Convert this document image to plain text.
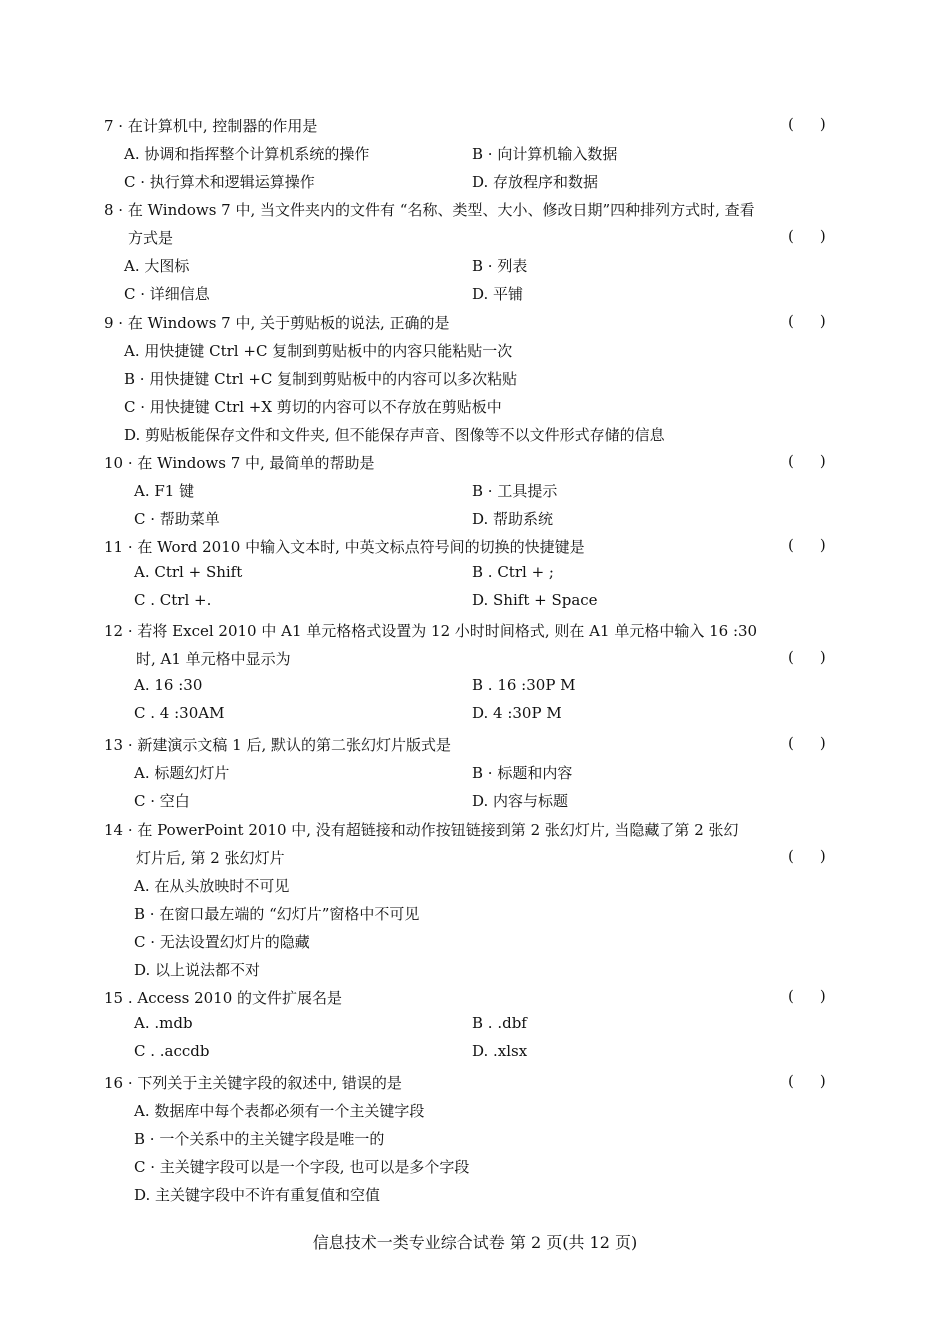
7 · 在计算机中, 控制器的作用是	( )
A. 协调和指挥整个计算机系统的操作	B · 向计算机输入数据
C · 执行算术和逻辑运算操作	D. 存放程序和数据
8 · 在 Windows 7 中, 当文件夹内的文件有 “名称、类型、大小、修改日期”四种排列方式时, 查看
方式是	( )
A. 大图标	B · 列表
C · 详细信息	D. 平铺
9 · 在 Windows 7 中, 关于剪贴板的说法, 正确的是	( )
A. 用快捷键 Ctrl +C 复制到剪贴板中的内容只能粘贴一次
B · 用快捷键 Ctrl +C 复制到剪贴板中的内容可以多次粘贴
C · 用快捷键 Ctrl +X 剪切的内容可以不存放在剪贴板中
D. 剪贴板能保存文件和文件夹, 但不能保存声音、图像等不以文件形式存储的信息
10 · 在 Windows 7 中, 最简单的帮助是	( )
A. F1 键	B · 工具提示
C · 帮助菜单	D. 帮助系统
11 · 在 Word 2010 中输入文本时, 中英文标点符号间的切换的快捷键是	( )
A. Ctrl + Shift	B . Ctrl + ;
C . Ctrl +.	D. Shift + Space
12 · 若将 Excel 2010 中 A1 单元格格式设置为 12 小时时间格式, 则在 A1 单元格中输入 16 :30
时, A1 单元格中显示为	( )
A. 16 :30	B . 16 :30P M
C . 4 :30AM	D. 4 :30P M
13 · 新建演示文稿 1 后, 默认的第二张幻灯片版式是	( )
A. 标题幻灯片	B · 标题和内容
C · 空白	D. 内容与标题
14 · 在 PowerPoint 2010 中, 没有超链接和动作按钮链接到第 2 张幻灯片, 当隐藏了第 2 张幻
灯片后, 第 2 张幻灯片	( )
A. 在从头放映时不可见
B · 在窗口最左端的 “幻灯片”窗格中不可见
C · 无法设置幻灯片的隐藏
D. 以上说法都不对
15 . Access 2010 的文件扩展名是	( )
A. .mdb	B . .dbf
C . .accdb	D. .xlsx
16 · 下列关于主关键字段的叙述中, 错误的是	( )
A. 数据库中每个表都必须有一个主关键字段
B · 一个关系中的主关键字段是唯一的
C · 主关键字段可以是一个字段, 也可以是多个字段
D. 主关键字段中不许有重复值和空值
信息技术一类专业综合试卷 第 2 页(共 12 页)
